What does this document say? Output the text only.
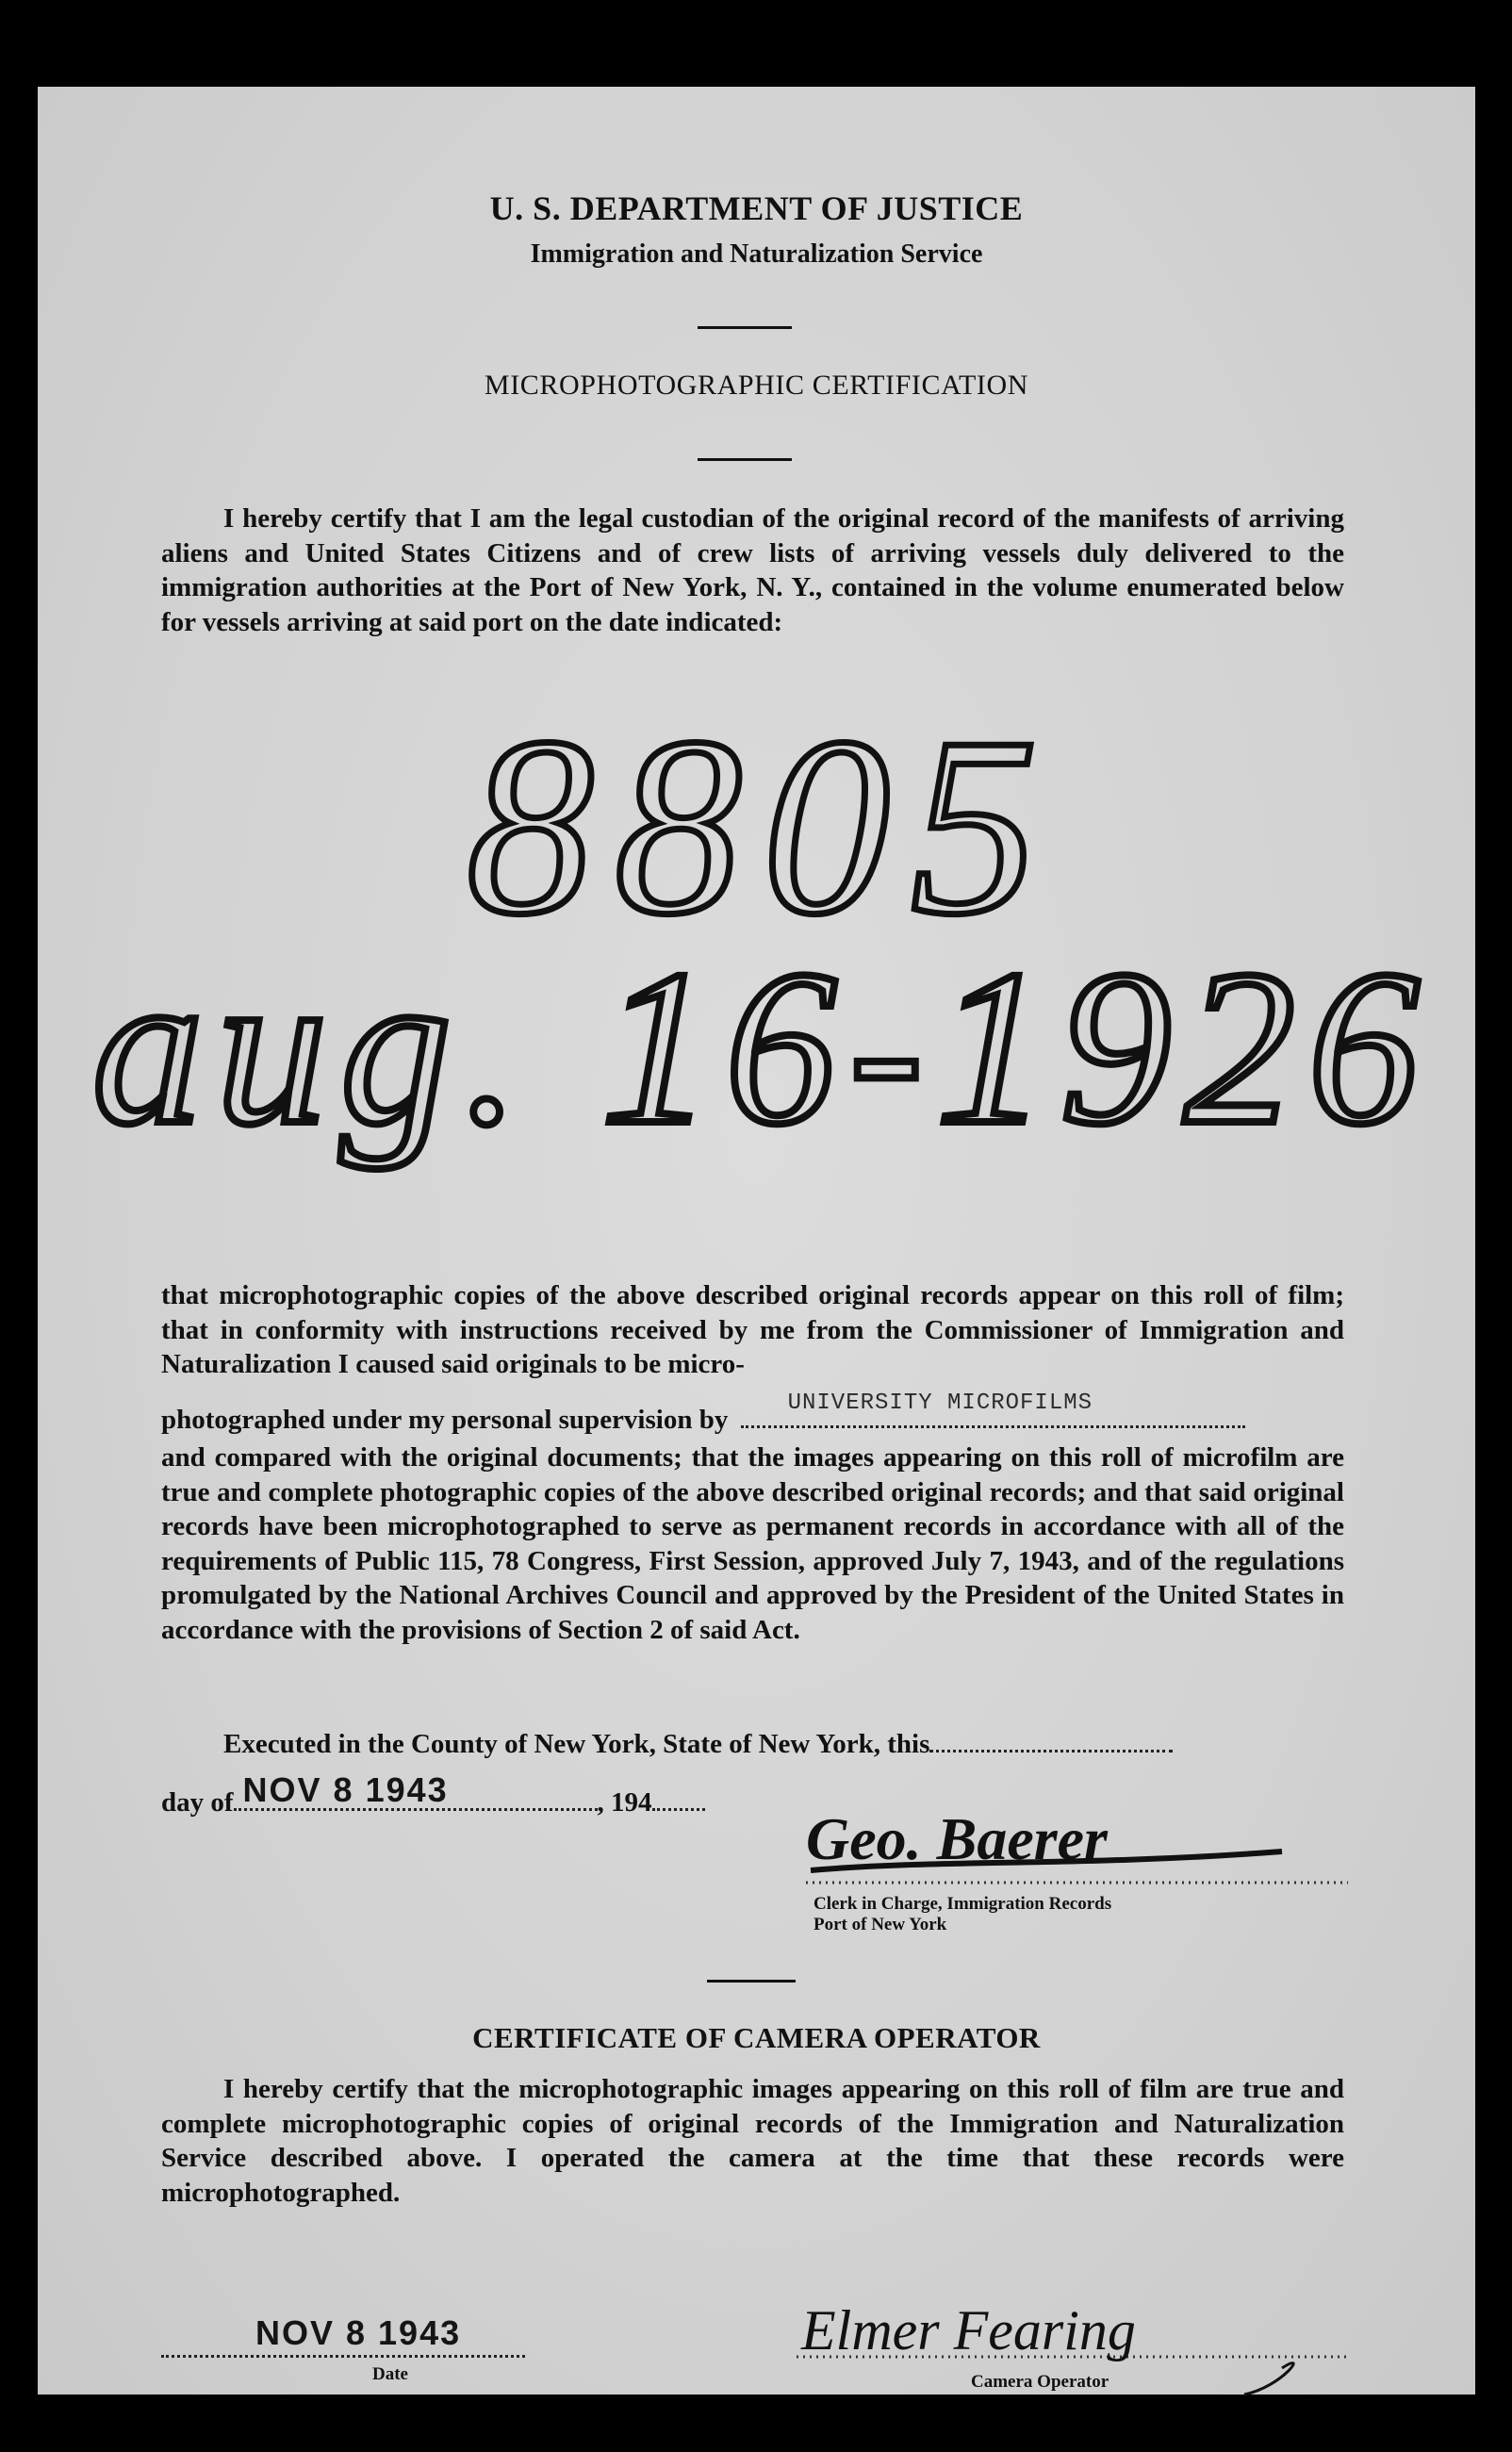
U. S. DEPARTMENT OF JUSTICE
Immigration and Naturalization Service
MICROPHOTOGRAPHIC CERTIFICATION
I hereby certify that I am the legal custodian of the original record of the manifests of arriving aliens and United States Citizens and of crew lists of arriving vessels duly delivered to the immigration authorities at the Port of New York, N. Y., contained in the volume enumerated below for vessels arriving at said port on the date indicated:
8805
aug. 16-1926
that microphotographic copies of the above described original records appear on this roll of film; that in conformity with instructions received by me from the Commissioner of Immigration and Naturalization I caused said originals to be micro-
photographed under my personal supervision by
UNIVERSITY MICROFILMS
and compared with the original documents; that the images appearing on this roll of microfilm are true and complete photographic copies of the above described original records; and that said original records have been microphotographed to serve as permanent records in accordance with all of the requirements of Public 115, 78 Congress, First Session, approved July 7, 1943, and of the regulations promulgated by the National Archives Council and approved by the President of the United States in accordance with the provisions of Section 2 of said Act.
Executed in the County of New York, State of New York, this
day of NOV 8 1943	, 194
Geo. Baerer
Clerk in Charge, Immigration Records
Port of New York
CERTIFICATE OF CAMERA OPERATOR
I hereby certify that the microphotographic images appearing on this roll of film are true and complete microphotographic copies of original records of the Immigration and Naturalization Service described above. I operated the camera at the time that these records were microphotographed.
NOV 8 1943
Date
Elmer Fearing
Camera Operator
